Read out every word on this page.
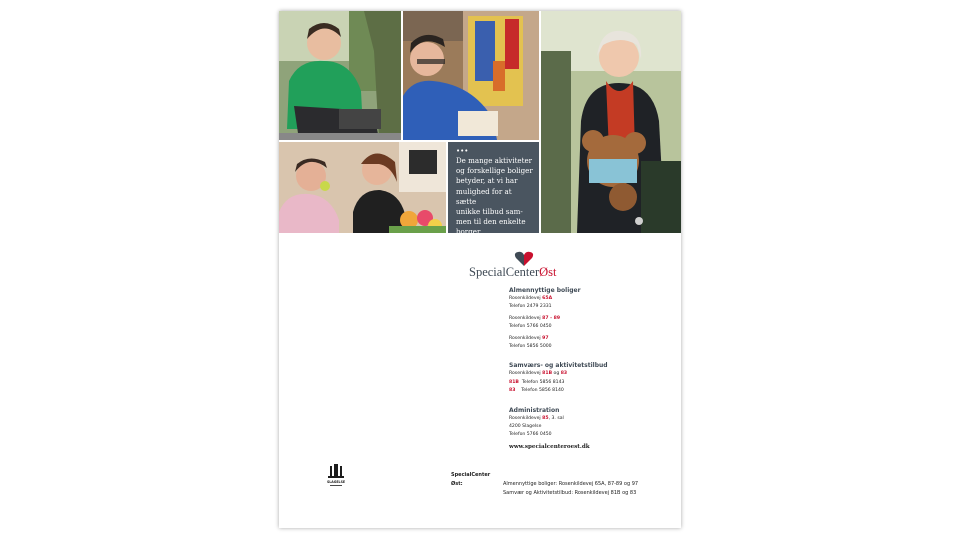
•••
De mange aktiviteter
og forskellige boliger
betyder, at vi har
mulighed for at sætte
unikke tilbud sam-
men til den enkelte
borger.
SpecialCenterØst
Almennyttige boliger
Rosenkildevej 65A
Telefon 2479 2331
Rosenkildevej 87 - 89
Telefon 5766 0450
Rosenkildevej 97
Telefon 5856 5000
Samværs- og aktivitetstilbud
Rosenkildevej 81B og 83
81B  Telefon 5856 8143
83    Telefon 5856 8140
Administration
Rosenkildevej 85, 3. sal
4200 Slagelse
Telefon 5766 0450
www.specialcenteroest.dk
SLAGELSE
SpecialCenter Øst:	Almennyttige boliger: Rosenkildevej 65A, 87-89 og 97
Samvær og Aktivitetstilbud: Rosenkildevej 81B og 83
